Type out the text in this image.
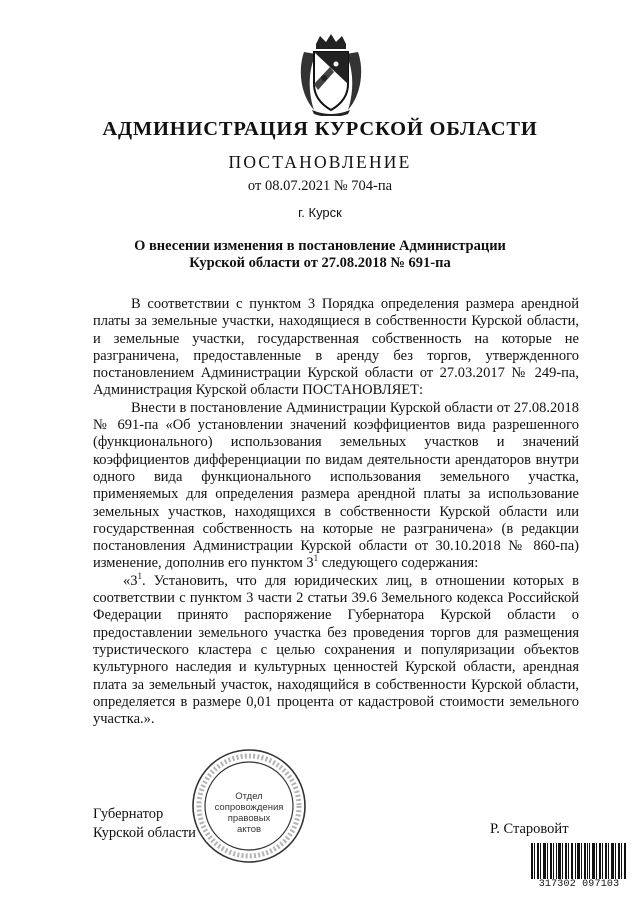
АДМИНИСТРАЦИЯ КУРСКОЙ ОБЛАСТИ
ПОСТАНОВЛЕНИЕ
от 08.07.2021 № 704-па
г. Курск
О внесении изменения в постановление Администрации
Курской области от 27.08.2018 № 691-па

В соответствии с пунктом 3 Порядка определения размера арендной платы за земельные участки, находящиеся в собственности Курской области, и земельные участки, государственная собственность на которые не разграничена, предоставленные в аренду без торгов, утвержденного постановлением Администрации Курской области от 27.03.2017 № 249-па, Администрация Курской области ПОСТАНОВЛЯЕТ:

Внести в постановление Администрации Курской области от 27.08.2018 № 691-па «Об установлении значений коэффициентов вида разрешенного (функционального) использования земельных участков и значений коэффициентов дифференциации по видам деятельности арендаторов внутри одного вида функционального использования земельного участка, применяемых для определения размера арендной платы за использование земельных участков, находящихся в собственности Курской области или государственная собственность на которые не разграничена» (в редакции постановления Администрации Курской области от 30.10.2018 № 860-па) изменение, дополнив его пунктом $3^1$ следующего содержания:

«$3^1$. Установить, что для юридических лиц, в отношении которых в соответствии с пунктом 3 части 2 статьи 39.6 Земельного кодекса Российской Федерации принято распоряжение Губернатора Курской области о предоставлении земельного участка без проведения торгов для размещения туристического кластера с целью сохранения и популяризации объектов культурного наследия и культурных ценностей Курской области, арендная плата за земельный участок, находящийся в собственности Курской области, определяется в размере 0,01 процента от кадастровой стоимости земельного участка.».

Губернатор
Курской области	Р. Старовойт
Отдел
сопровождения
правовых
актов
317302 097103
